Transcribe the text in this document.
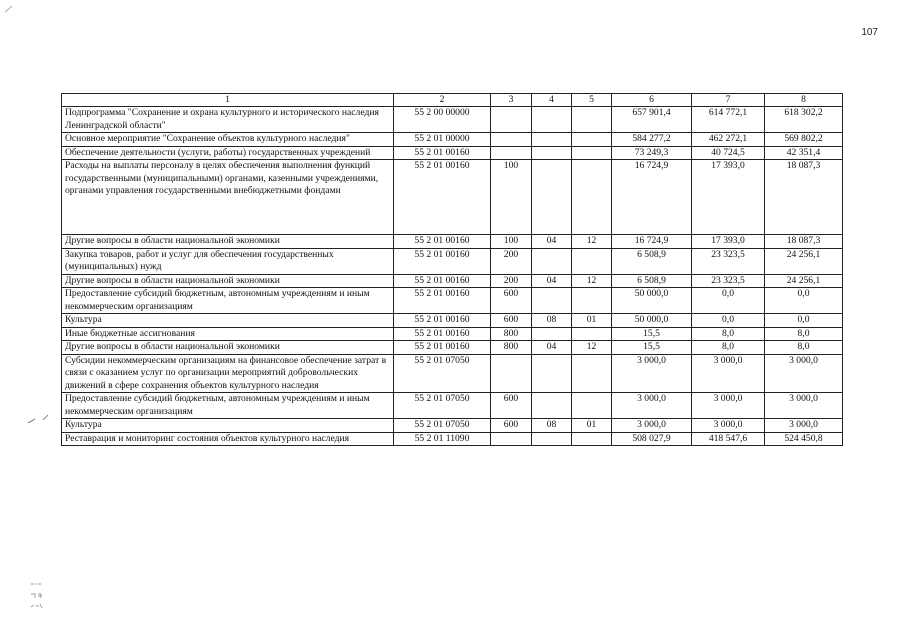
107
1	2	3	4	5	6	7	8
Подпрограмма "Сохранение и охрана культурного и исторического наследия Ленинградской области"	55 2 00 00000				657 901,4	614 772,1	618 302,2
Основное мероприятие "Сохранение объектов культурного наследия"	55 2 01 00000				584 277,2	462 272,1	569 802,2
Обеспечение деятельности (услуги, работы) государственных учреждений	55 2 01 00160				73 249,3	40 724,5	42 351,4
Расходы на выплаты персоналу в целях обеспечения выполнения функций государственными (муниципальными) органами, казенными учреждениями, органами управления государственными внебюджетными фондами	55 2 01 00160	100			16 724,9	17 393,0	18 087,3
Другие вопросы в области национальной экономики	55 2 01 00160	100	04	12	16 724,9	17 393,0	18 087,3
Закупка товаров, работ и услуг для обеспечения государственных (муниципальных) нужд	55 2 01 00160	200			6 508,9	23 323,5	24 256,1
Другие вопросы в области национальной экономики	55 2 01 00160	200	04	12	6 508,9	23 323,5	24 256,1
Предоставление субсидий бюджетным, автономным учреждениям и иным некоммерческим организациям	55 2 01 00160	600			50 000,0	0,0	0,0
Культура	55 2 01 00160	600	08	01	50 000,0	0,0	0,0
Иные бюджетные ассигнования	55 2 01 00160	800			15,5	8,0	8,0
Другие вопросы в области национальной экономики	55 2 01 00160	800	04	12	15,5	8,0	8,0
Субсидии некоммерческим организациям на финансовое обеспечение затрат в связи с оказанием услуг по организации мероприятий добровольческих движений в сфере сохранения объектов культурного наследия	55 2 01 07050				3 000,0	3 000,0	3 000,0
Предоставление субсидий бюджетным, автономным учреждениям и иным некоммерческим организациям	55 2 01 07050	600			3 000,0	3 000,0	3 000,0
Культура	55 2 01 07050	600	08	01	3 000,0	3 000,0	3 000,0
Реставрация и мониторинг состояния объектов культурного наследия	55 2 01 11090				508 027,9	418 547,6	524 450,8
